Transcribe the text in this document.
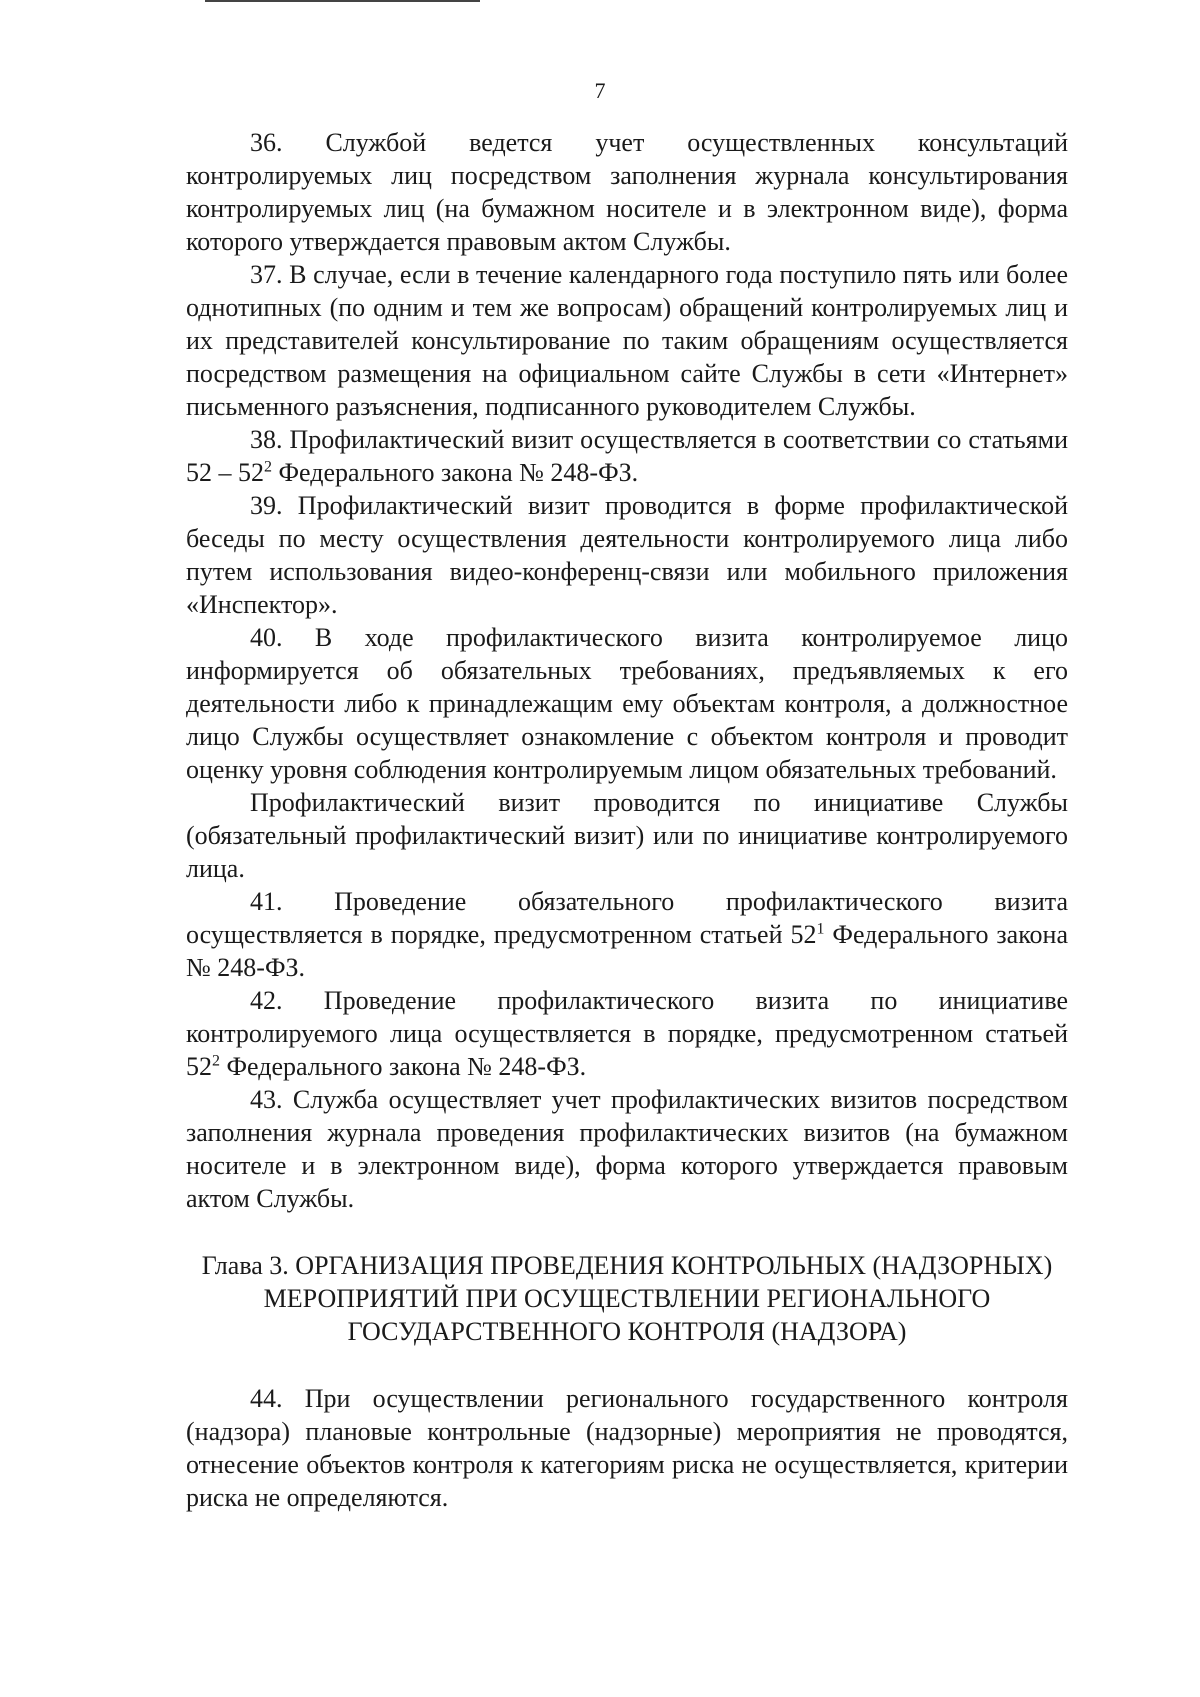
7

36. Службой ведется учет осуществленных консультаций контролируемых лиц посредством заполнения журнала консультирования контролируемых лиц (на бумажном носителе и в электронном виде), форма которого утверждается правовым актом Службы.

37. В случае, если в течение календарного года поступило пять или более однотипных (по одним и тем же вопросам) обращений контролируемых лиц и их представителей консультирование по таким обращениям осуществляется посредством размещения на официальном сайте Службы в сети «Интернет» письменного разъяснения, подписанного руководителем Службы.

38. Профилактический визит осуществляется в соответствии со статьями $52 - 52^2$ Федерального закона № 248-ФЗ.

39. Профилактический визит проводится в форме профилактической беседы по месту осуществления деятельности контролируемого лица либо путем использования видео-конференц-связи или мобильного приложения «Инспектор».

40. В ходе профилактического визита контролируемое лицо информируется об обязательных требованиях, предъявляемых к его деятельности либо к принадлежащим ему объектам контроля, а должностное лицо Службы осуществляет ознакомление с объектом контроля и проводит оценку уровня соблюдения контролируемым лицом обязательных требований.

Профилактический визит проводится по инициативе Службы (обязательный профилактический визит) или по инициативе контролируемого лица.

41. Проведение обязательного профилактического визита осуществляется в порядке, предусмотренном статьей $52^1$ Федерального закона № 248-ФЗ.

42. Проведение профилактического визита по инициативе контролируемого лица осуществляется в порядке, предусмотренном статьей $52^2$ Федерального закона № 248-ФЗ.

43. Служба осуществляет учет профилактических визитов посредством заполнения журнала проведения профилактических визитов (на бумажном носителе и в электронном виде), форма которого утверждается правовым актом Службы.

Глава 3. ОРГАНИЗАЦИЯ ПРОВЕДЕНИЯ КОНТРОЛЬНЫХ (НАДЗОРНЫХ)
МЕРОПРИЯТИЙ ПРИ ОСУЩЕСТВЛЕНИИ РЕГИОНАЛЬНОГО
ГОСУДАРСТВЕННОГО КОНТРОЛЯ (НАДЗОРА)

44. При осуществлении регионального государственного контроля (надзора) плановые контрольные (надзорные) мероприятия не проводятся, отнесение объектов контроля к категориям риска не осуществляется, критерии риска не определяются.
